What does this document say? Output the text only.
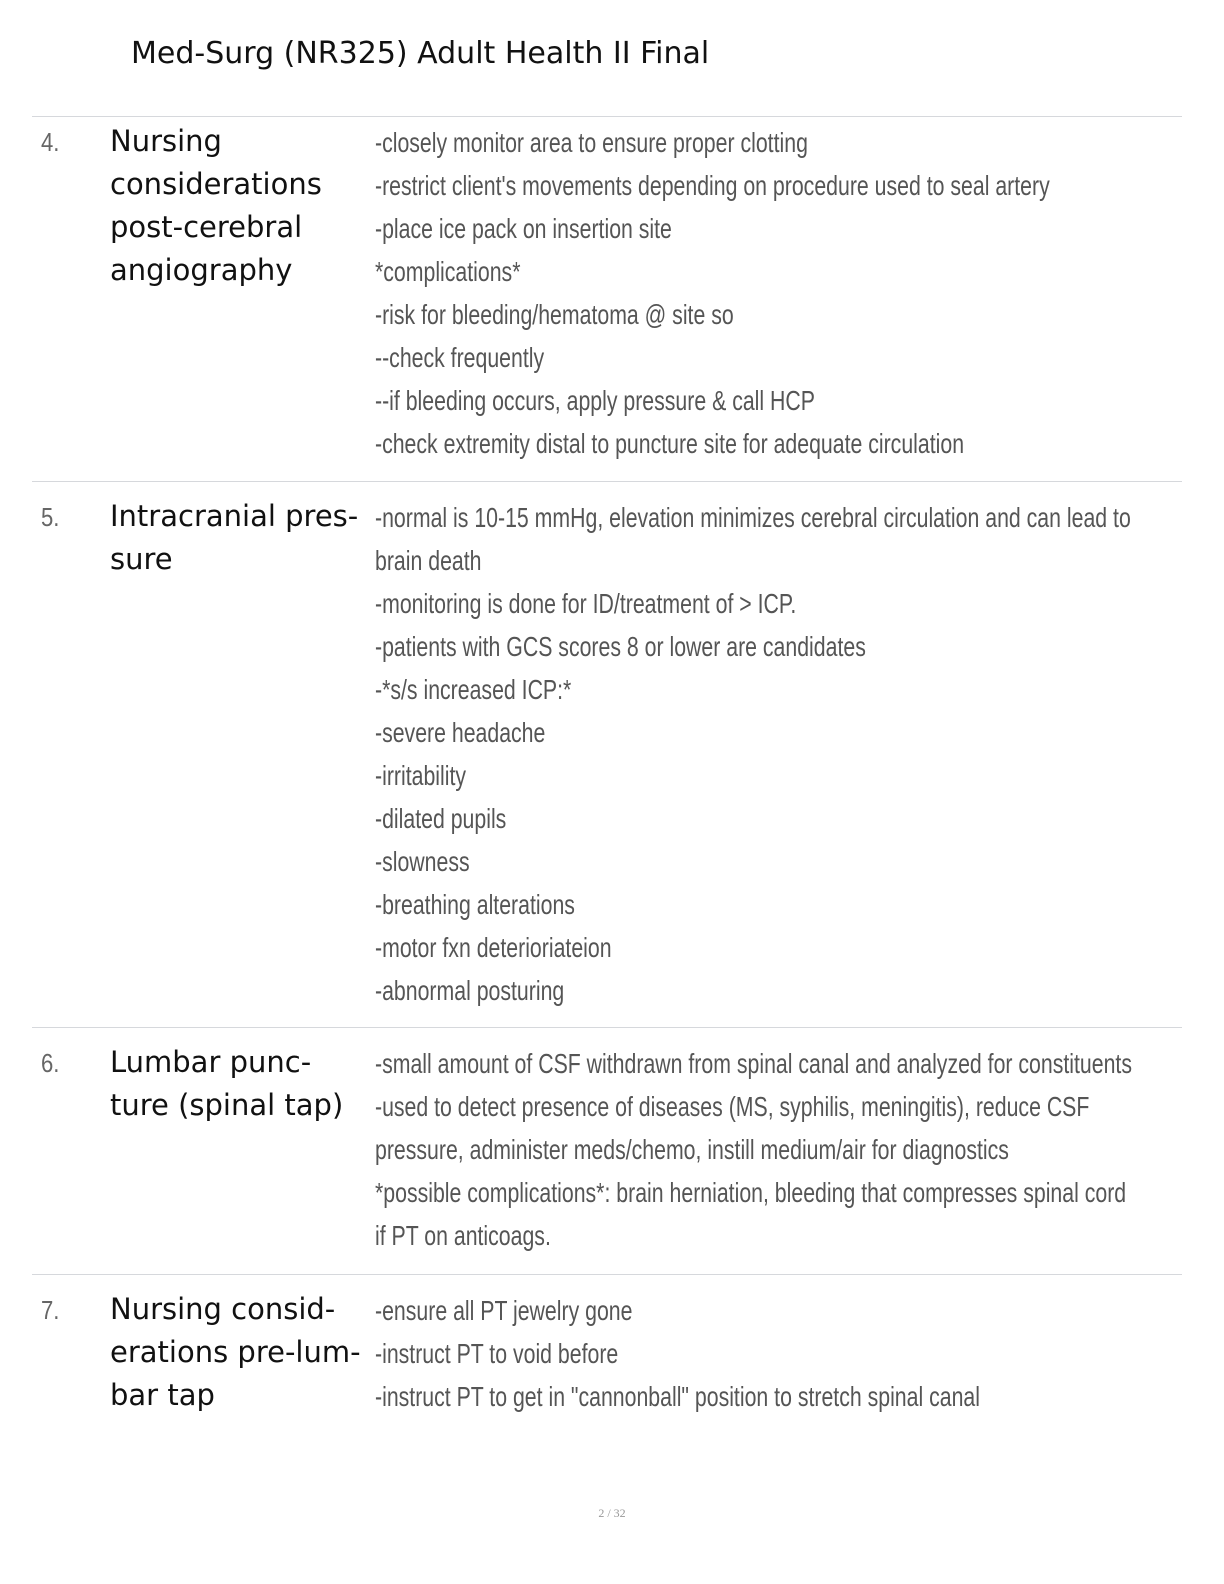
Med-Surg (NR325) Adult Health II Final
4. Nursing
considerations
post-cerebral
angiography
-closely monitor area to ensure proper clotting
-restrict client's movements depending on procedure used to seal artery
-place ice pack on insertion site
*complications*
-risk for bleeding/hematoma @ site so
--check frequently
--if bleeding occurs, apply pressure & call HCP
-check extremity distal to puncture site for adequate circulation
5. Intracranial pres-
sure
-normal is 10-15 mmHg, elevation minimizes cerebral circulation and can lead to
brain death
-monitoring is done for ID/treatment of > ICP.
-patients with GCS scores 8 or lower are candidates
-*s/s increased ICP:*
-severe headache
-irritability
-dilated pupils
-slowness
-breathing alterations
-motor fxn deterioriateion
-abnormal posturing
6. Lumbar punc-
ture (spinal tap)
-small amount of CSF withdrawn from spinal canal and analyzed for constituents
-used to detect presence of diseases (MS, syphilis, meningitis), reduce CSF
pressure, administer meds/chemo, instill medium/air for diagnostics
*possible complications*: brain herniation, bleeding that compresses spinal cord
if PT on anticoags.
7. Nursing consid-
erations pre-lum-
bar tap
-ensure all PT jewelry gone
-instruct PT to void before
-instruct PT to get in "cannonball" position to stretch spinal canal
2 / 32
